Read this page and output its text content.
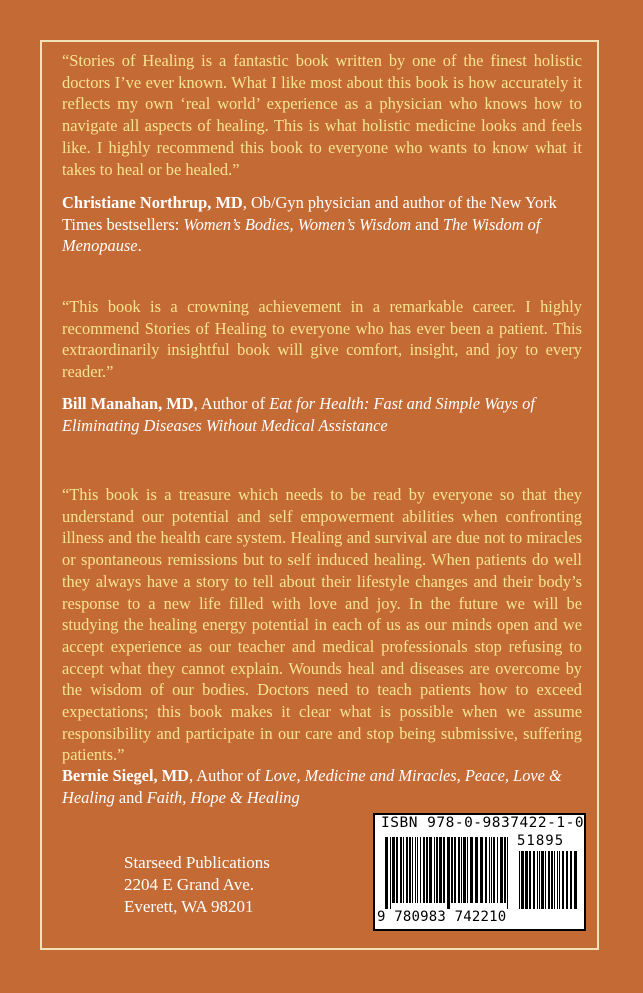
“Stories of Healing is a fantastic book written by one of the finest holistic doctors I’ve ever known. What I like most about this book is how accurately it reflects my own ‘real world’ experience as a physician who knows how to navigate all aspects of healing. This is what holistic medicine looks and feels like. I highly recommend this book to everyone who wants to know what it takes to heal or be healed.”

Christiane Northrup, MD, Ob/Gyn physician and author of the New York Times bestsellers: Women’s Bodies, Women’s Wisdom and The Wisdom of Menopause.

“This book is a crowning achievement in a remarkable career. I highly recommend Stories of Healing to everyone who has ever been a patient. This extraordinarily insightful book will give comfort, insight, and joy to every reader.”

Bill Manahan, MD, Author of Eat for Health: Fast and Simple Ways of Eliminating Diseases Without Medical Assistance

“This book is a treasure which needs to be read by everyone so that they understand our potential and self empowerment abilities when confronting illness and the health care system. Healing and survival are due not to miracles or spontaneous remissions but to self induced healing. When patients do well they always have a story to tell about their lifestyle changes and their body’s response to a new life filled with love and joy. In the future we will be studying the healing energy potential in each of us as our minds open and we accept experience as our teacher and medical professionals stop refusing to accept what they cannot explain. Wounds heal and diseases are overcome by the wisdom of our bodies. Doctors need to teach patients how to exceed expectations; this book makes it clear what is possible when we assume responsibility and participate in our care and stop being submissive, suffering patients.”

Bernie Siegel, MD, Author of Love, Medicine and Miracles, Peace, Love & Healing and Faith, Hope & Healing

Starseed Publications
2204 E Grand Ave.
Everett, WA 98201
ISBN 978-0-9837422-1-0
9 780983 742210
51895
